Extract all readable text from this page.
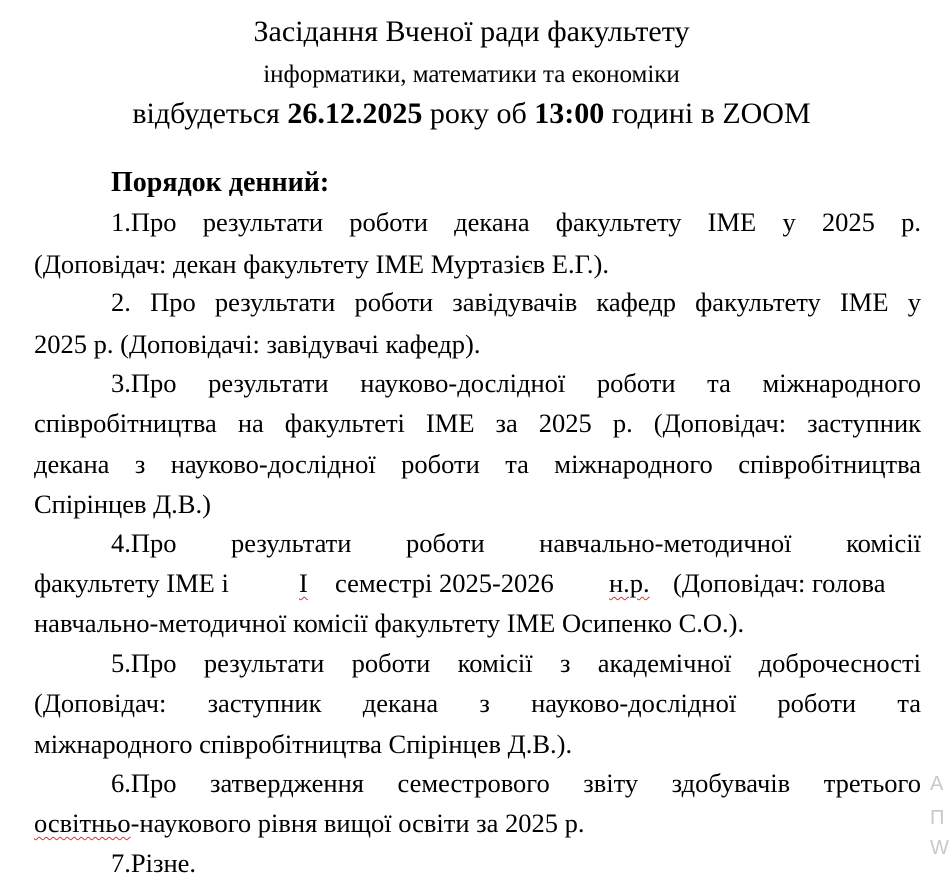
Засідання Вченої ради факультету
інформатики, математики та економіки
відбудеться 26.12.2025 року об 13:00 годині в ZOOM
Порядок денний:
1.Про результати роботи декана факультету ІМЕ у 2025 р.
(Доповідач: декан факультету ІМЕ Муртазієв Е.Г.).
2. Про результати роботи завідувачів кафедр факультету ІМЕ у
2025 р. (Доповідачі: завідувачі кафедр).
3.Про результати науково-дослідної роботи та міжнародного
співробітництва на факультеті ІМЕ за 2025 р. (Доповідач: заступник
декана з науково-дослідної роботи та міжнародного співробітництва
Спірінцев Д.В.)
4.Про результати роботи навчально-методичної комісії
факультету ІМЕ і	І семестрі 2025-2026 н.р. (Доповідач: голова
навчально-методичної комісії факультету ІМЕ Осипенко С.О.).
5.Про результати роботи комісії з академічної доброчесності
(Доповідач: заступник декана з науково-дослідної роботи та
міжнародного співробітництва Спірінцев Д.В.).
6.Про затвердження семестрового звіту здобувачів третього
освітньо-наукового рівня вищої освіти за 2025 р.
7.Різне.
А
П
W
